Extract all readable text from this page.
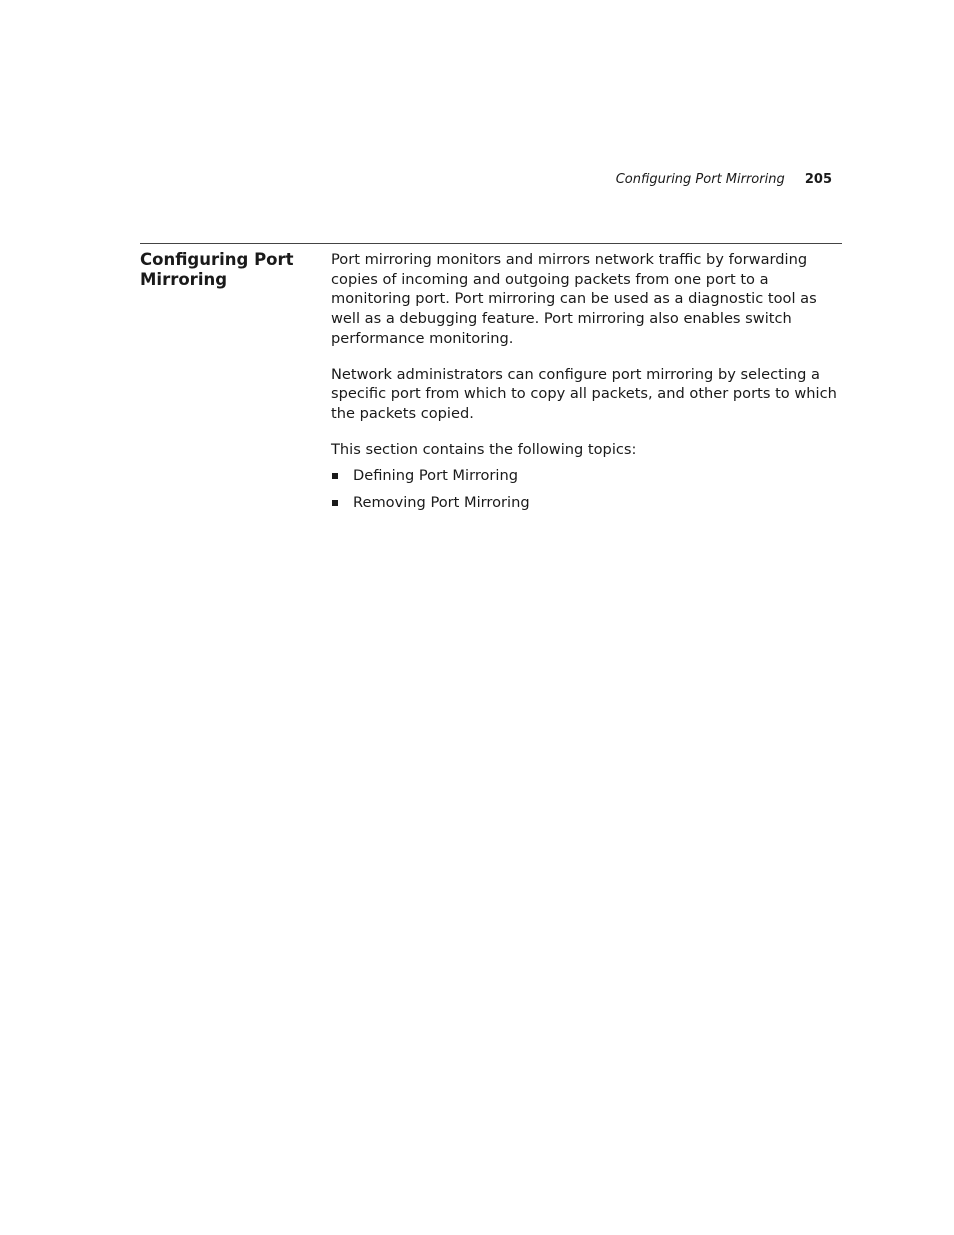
Configuring Port Mirroring 205
Configuring Port Mirroring

Port mirroring monitors and mirrors network traffic by forwarding copies of incoming and outgoing packets from one port to a monitoring port. Port mirroring can be used as a diagnostic tool as well as a debugging feature. Port mirroring also enables switch performance monitoring.

Network administrators can configure port mirroring by selecting a specific port from which to copy all packets, and other ports to which the packets copied.

This section contains the following topics:

Defining Port Mirroring
Removing Port Mirroring
